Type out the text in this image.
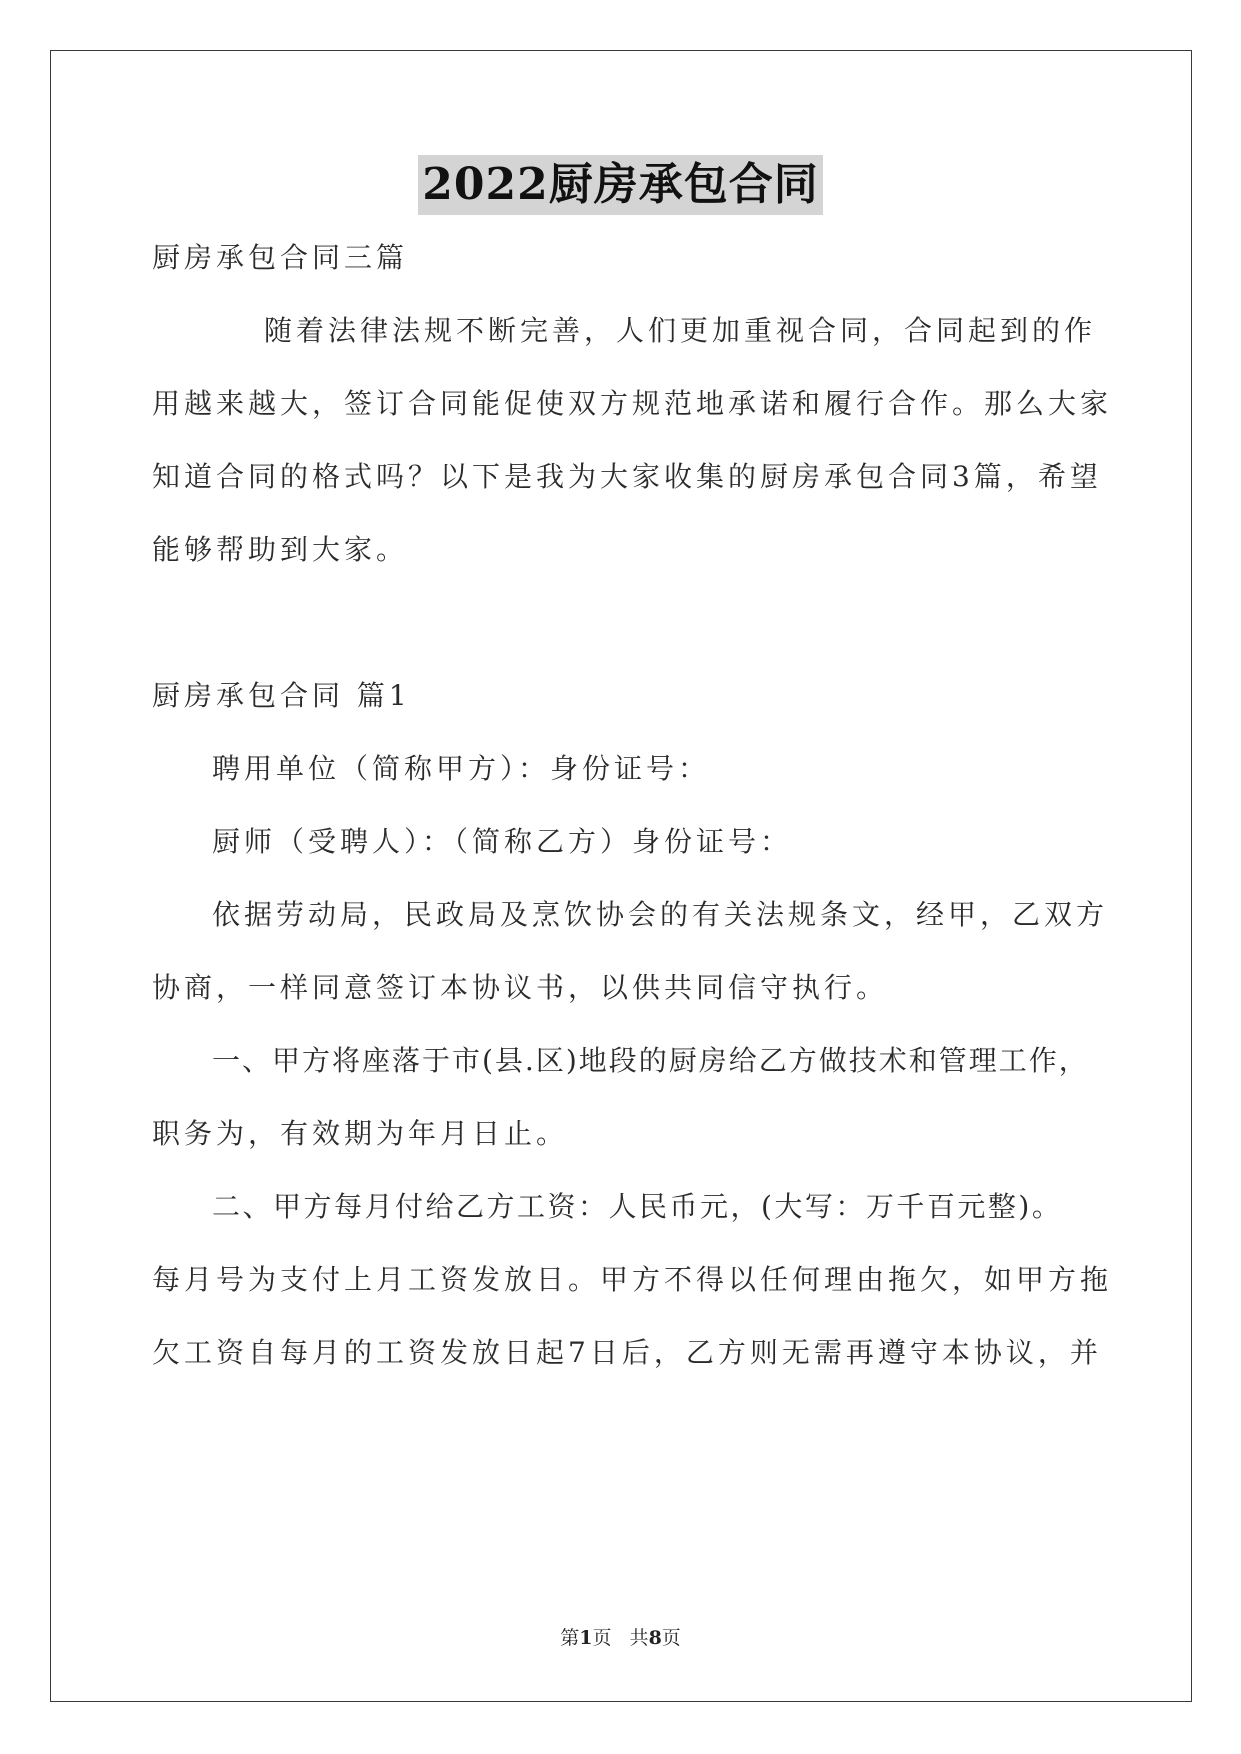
2022厨房承包合同
厨房承包合同三篇
随着法律法规不断完善，人们更加重视合同，合同起到的作
用越来越大，签订合同能促使双方规范地承诺和履行合作。那么大家
知道合同的格式吗？以下是我为大家收集的厨房承包合同3篇，希望
能够帮助到大家。
厨房承包合同 篇1
聘用单位（简称甲方）：身份证号：
厨师（受聘人）：（简称乙方）身份证号：
依据劳动局，民政局及烹饮协会的有关法规条文，经甲，乙双方
协商，一样同意签订本协议书，以供共同信守执行。
一、甲方将座落于市(县.区)地段的厨房给乙方做技术和管理工作，
职务为，有效期为年月日止。
二、甲方每月付给乙方工资：人民币元，(大写：万千百元整)。
每月号为支付上月工资发放日。甲方不得以任何理由拖欠，如甲方拖
欠工资自每月的工资发放日起7日后，乙方则无需再遵守本协议，并
第1页   共8页
